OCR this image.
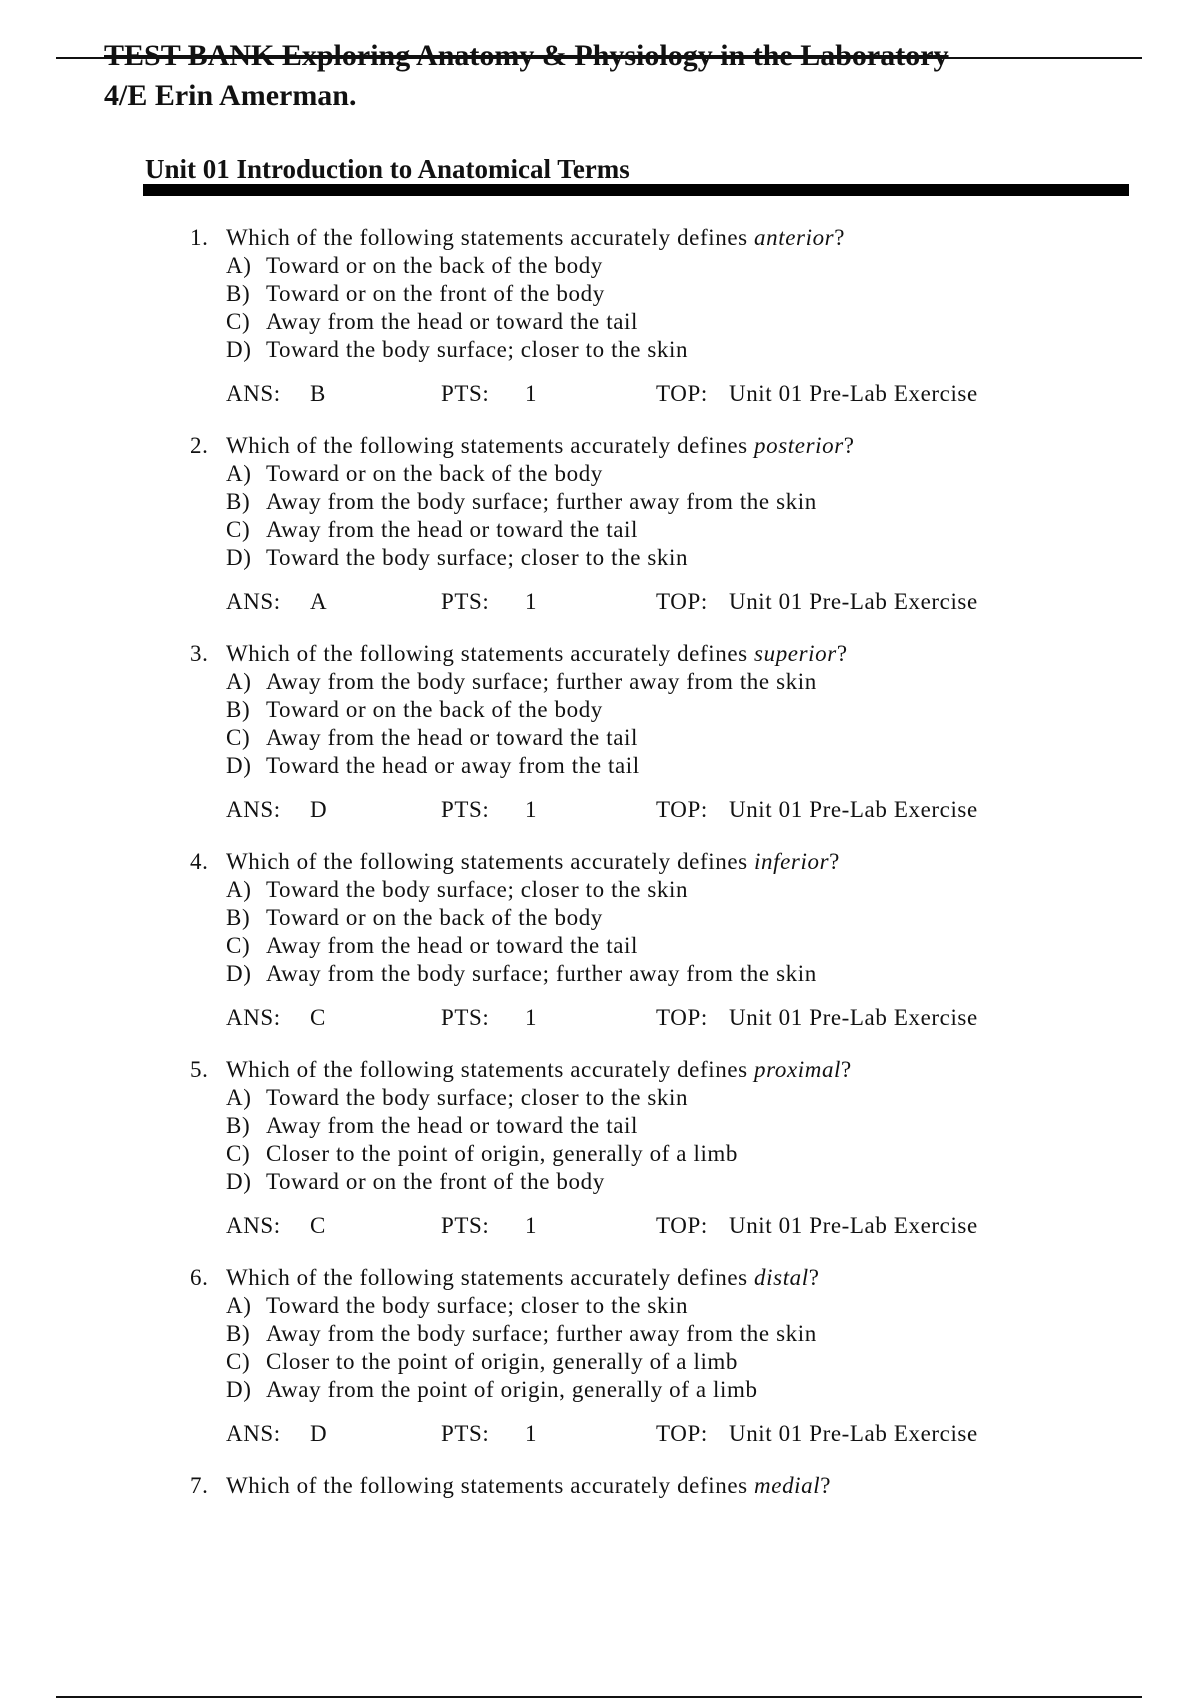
TEST BANK Exploring Anatomy & Physiology in the Laboratory
4/E Erin Amerman.
Unit 01 Introduction to Anatomical Terms
1. Which of the following statements accurately defines anterior?
A) Toward or on the back of the body
B) Toward or on the front of the body
C) Away from the head or toward the tail
D) Toward the body surface; closer to the skin
ANS: B	PTS: 1	TOP: Unit 01 Pre-Lab Exercise
2. Which of the following statements accurately defines posterior?
A) Toward or on the back of the body
B) Away from the body surface; further away from the skin
C) Away from the head or toward the tail
D) Toward the body surface; closer to the skin
ANS: A	PTS: 1	TOP: Unit 01 Pre-Lab Exercise
3. Which of the following statements accurately defines superior?
A) Away from the body surface; further away from the skin
B) Toward or on the back of the body
C) Away from the head or toward the tail
D) Toward the head or away from the tail
ANS: D	PTS: 1	TOP: Unit 01 Pre-Lab Exercise
4. Which of the following statements accurately defines inferior?
A) Toward the body surface; closer to the skin
B) Toward or on the back of the body
C) Away from the head or toward the tail
D) Away from the body surface; further away from the skin
ANS: C	PTS: 1	TOP: Unit 01 Pre-Lab Exercise
5. Which of the following statements accurately defines proximal?
A) Toward the body surface; closer to the skin
B) Away from the head or toward the tail
C) Closer to the point of origin, generally of a limb
D) Toward or on the front of the body
ANS: C	PTS: 1	TOP: Unit 01 Pre-Lab Exercise
6. Which of the following statements accurately defines distal?
A) Toward the body surface; closer to the skin
B) Away from the body surface; further away from the skin
C) Closer to the point of origin, generally of a limb
D) Away from the point of origin, generally of a limb
ANS: D	PTS: 1	TOP: Unit 01 Pre-Lab Exercise
7. Which of the following statements accurately defines medial?
